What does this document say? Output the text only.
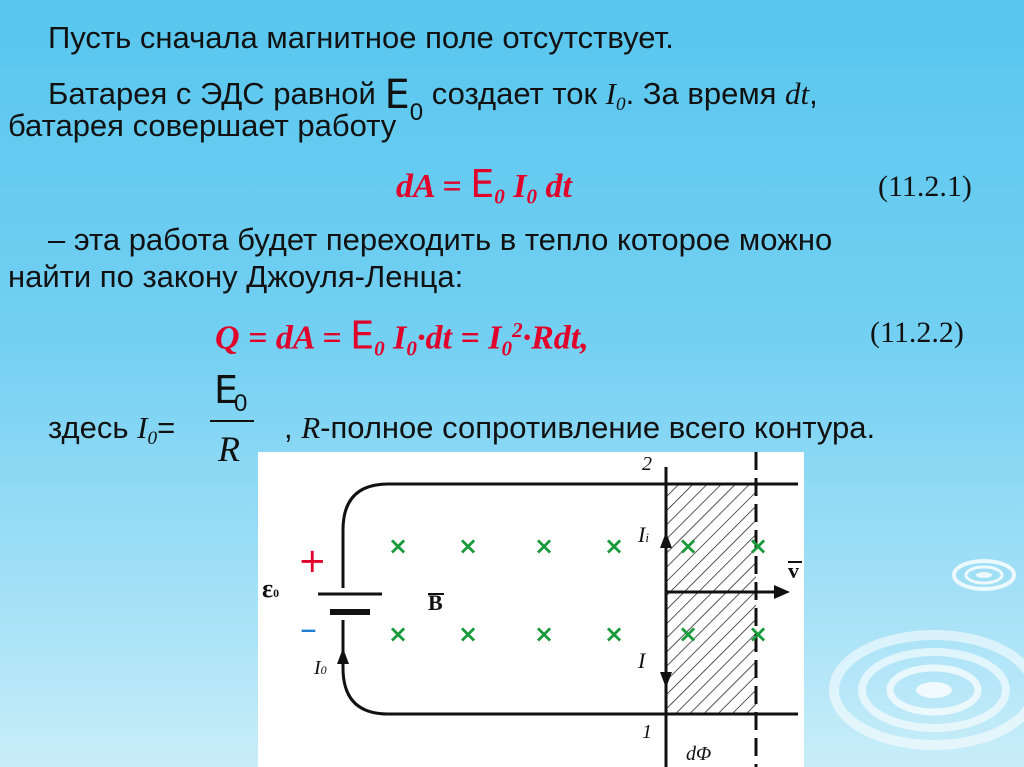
Пусть сначала магнитное поле отсутствует.
Батарея с ЭДС равной $E_0$ создает ток $I_0$. За время dt,
батарея совершает работу
dA = $E_0$ $I_0$ dt	(11.2.1)
– эта работа будет переходить в тепло которое можно
найти по закону Джоуля-Ленца:
Q = dA = $E_0$ $I_0\cdot dt = I_0^2\cdot Rdt$,	(11.2.2)
Ε
0
R
здесь $I_0=$	, R-полное сопротивление всего контура.
× × × × × ×
× × × × × ×
+
–
ε0	B
v
Ii
I
I0
2
1
dΦ
